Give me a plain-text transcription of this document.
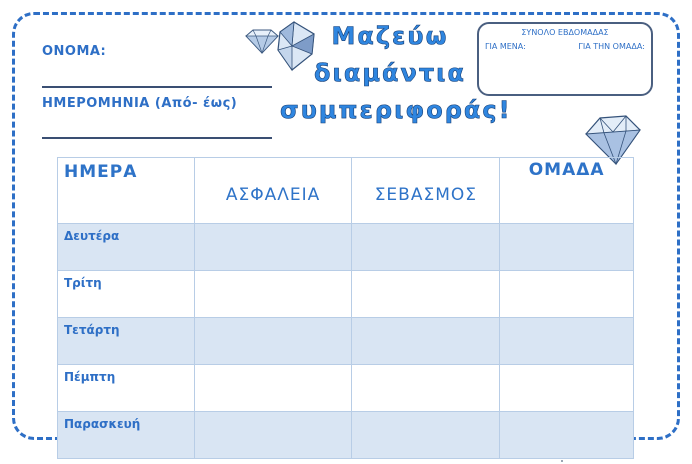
ΟΝΟΜΑ:
ΗΜΕΡΟΜΗΝΙΑ (Από- έως)
Μαζεύω
διαμάντια
συμπεριφοράς!
ΣΥΝΟΛΟ ΕΒΔΟΜΑΔΑΣ
ΓΙΑ ΜΕΝΑ:	ΓΙΑ ΤΗΝ ΟΜΑΔΑ:
ΗΜΕΡΑ	ΑΣΦΑΛΕΙΑ	ΣΕΒΑΣΜΟΣ	ΟΜΑΔΑ
Δευτέρα			
Τρίτη			
Τετάρτη			
Πέμπτη			
Παρασκευή			
